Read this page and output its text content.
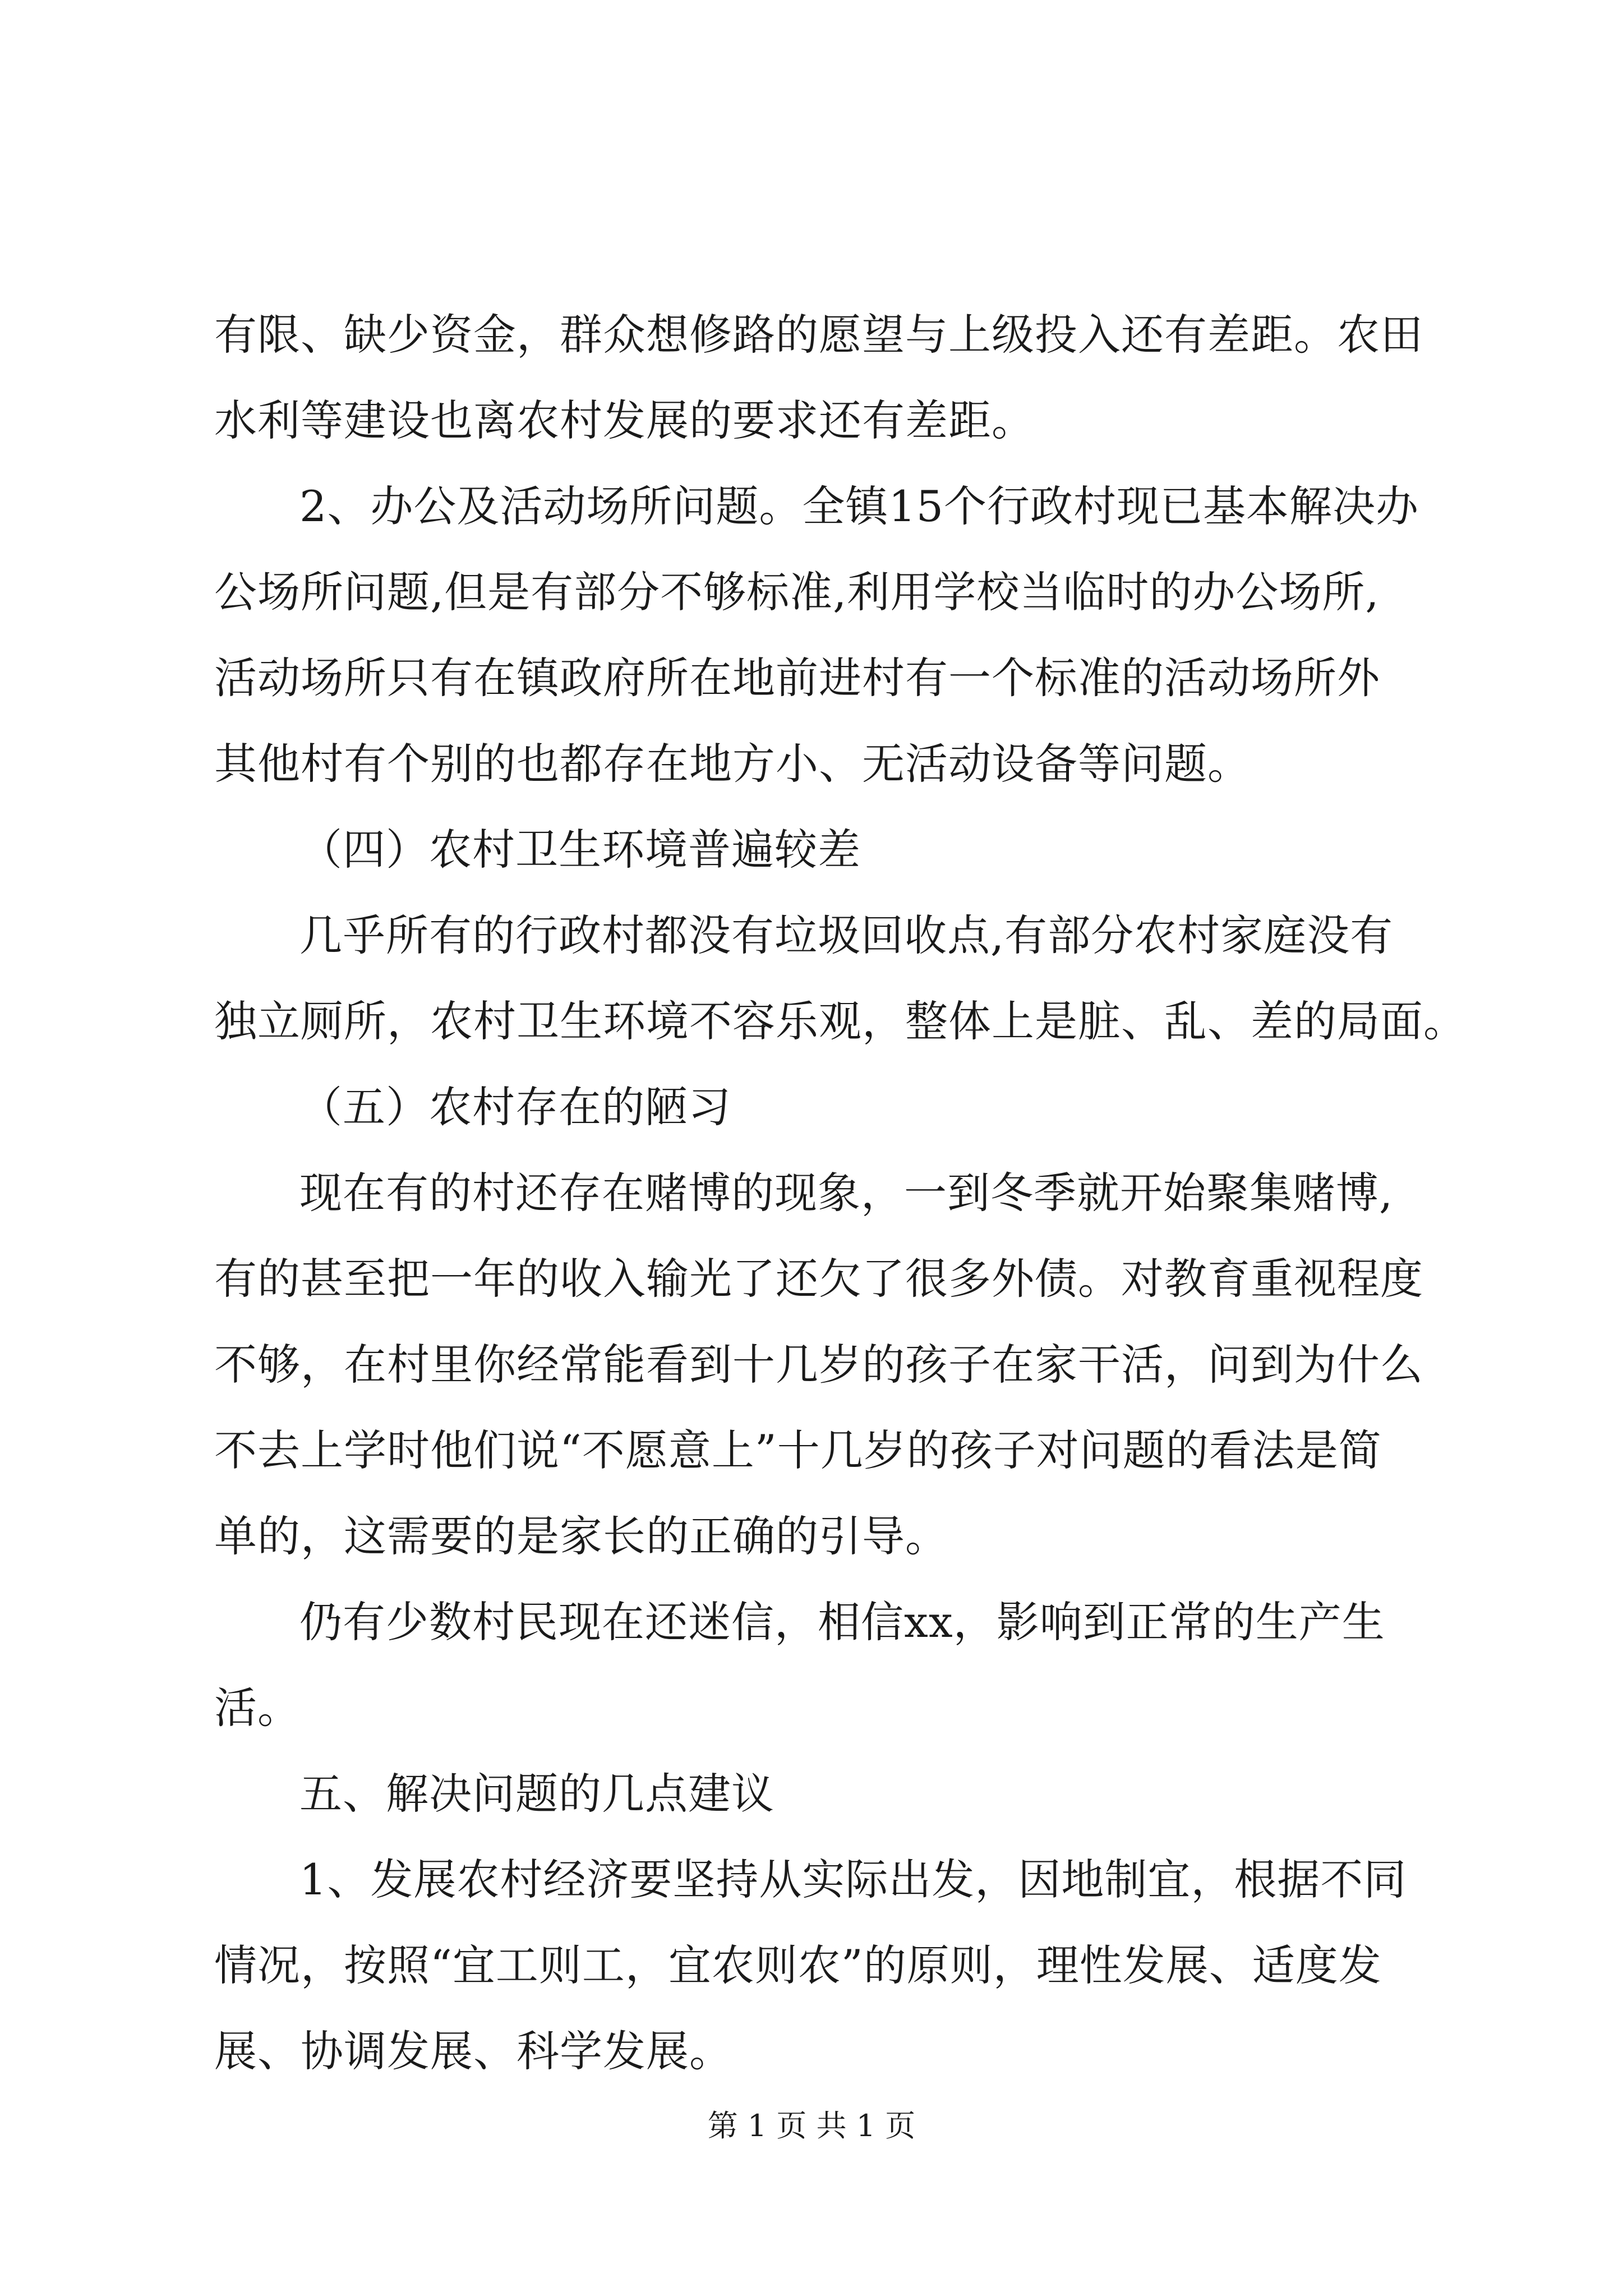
有限、缺少资金，群众想修路的愿望与上级投入还有差距。农田
水利等建设也离农村发展的要求还有差距。
2、办公及活动场所问题。全镇15个行政村现已基本解决办
公场所问题,但是有部分不够标准,利用学校当临时的办公场所,
活动场所只有在镇政府所在地前进村有一个标准的活动场所外
其他村有个别的也都存在地方小、无活动设备等问题。
（四）农村卫生环境普遍较差
几乎所有的行政村都没有垃圾回收点,有部分农村家庭没有
独立厕所，农村卫生环境不容乐观，整体上是脏、乱、差的局面。
（五）农村存在的陋习
现在有的村还存在赌博的现象，一到冬季就开始聚集赌博,
有的甚至把一年的收入输光了还欠了很多外债。对教育重视程度
不够，在村里你经常能看到十几岁的孩子在家干活，问到为什么
不去上学时他们说“不愿意上”十几岁的孩子对问题的看法是简
单的，这需要的是家长的正确的引导。
仍有少数村民现在还迷信，相信xx，影响到正常的生产生
活。
五、解决问题的几点建议
1、发展农村经济要坚持从实际出发，因地制宜，根据不同
情况，按照“宜工则工，宜农则农”的原则，理性发展、适度发
展、协调发展、科学发展。
第 1 页 共 1 页
